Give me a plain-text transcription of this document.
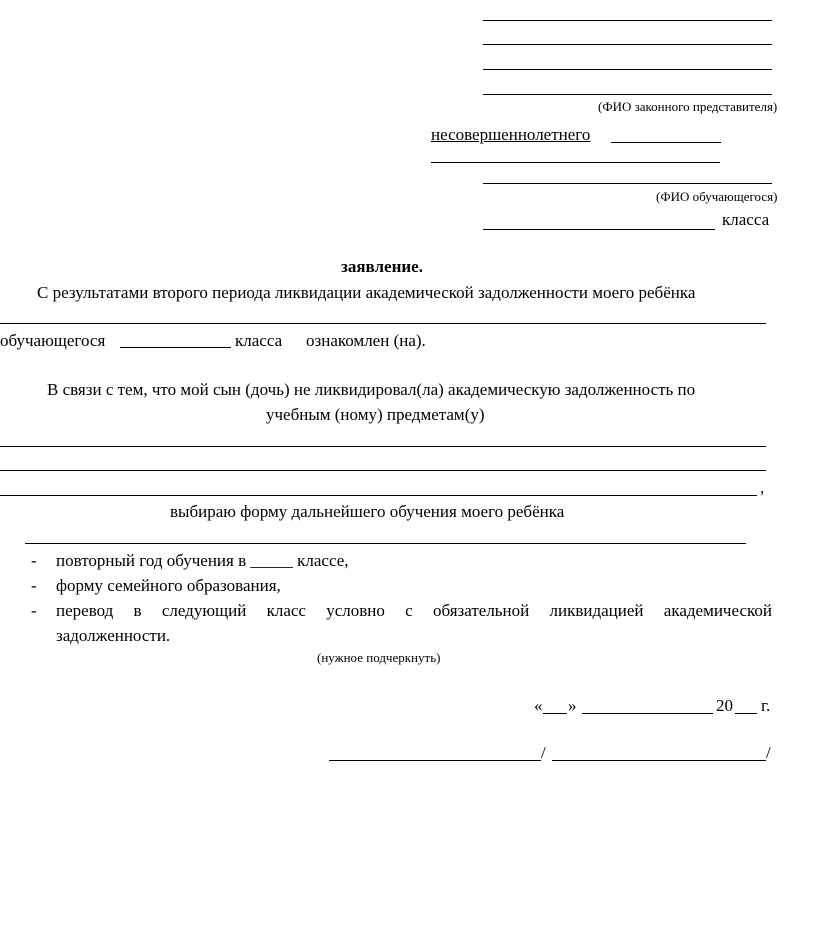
(ФИО законного представителя)
несовершеннолетнего
(ФИО обучающегося)
класса
заявление.
С результатами второго периода ликвидации академической задолженности моего ребёнка
обучающегося	класса ознакомлен (на).
В связи с тем, что мой сын (дочь) не ликвидировал(ла) академическую задолженность по
учебным (ному) предметам(у)
,
выбираю форму дальнейшего обучения моего ребёнка
- повторный год обучения в _____ классе,
- форму семейного образования,
- перевод в следующий класс условно с обязательной ликвидацией академической
задолженности.
(нужное подчеркнуть)
« »	20 г.
/	/
